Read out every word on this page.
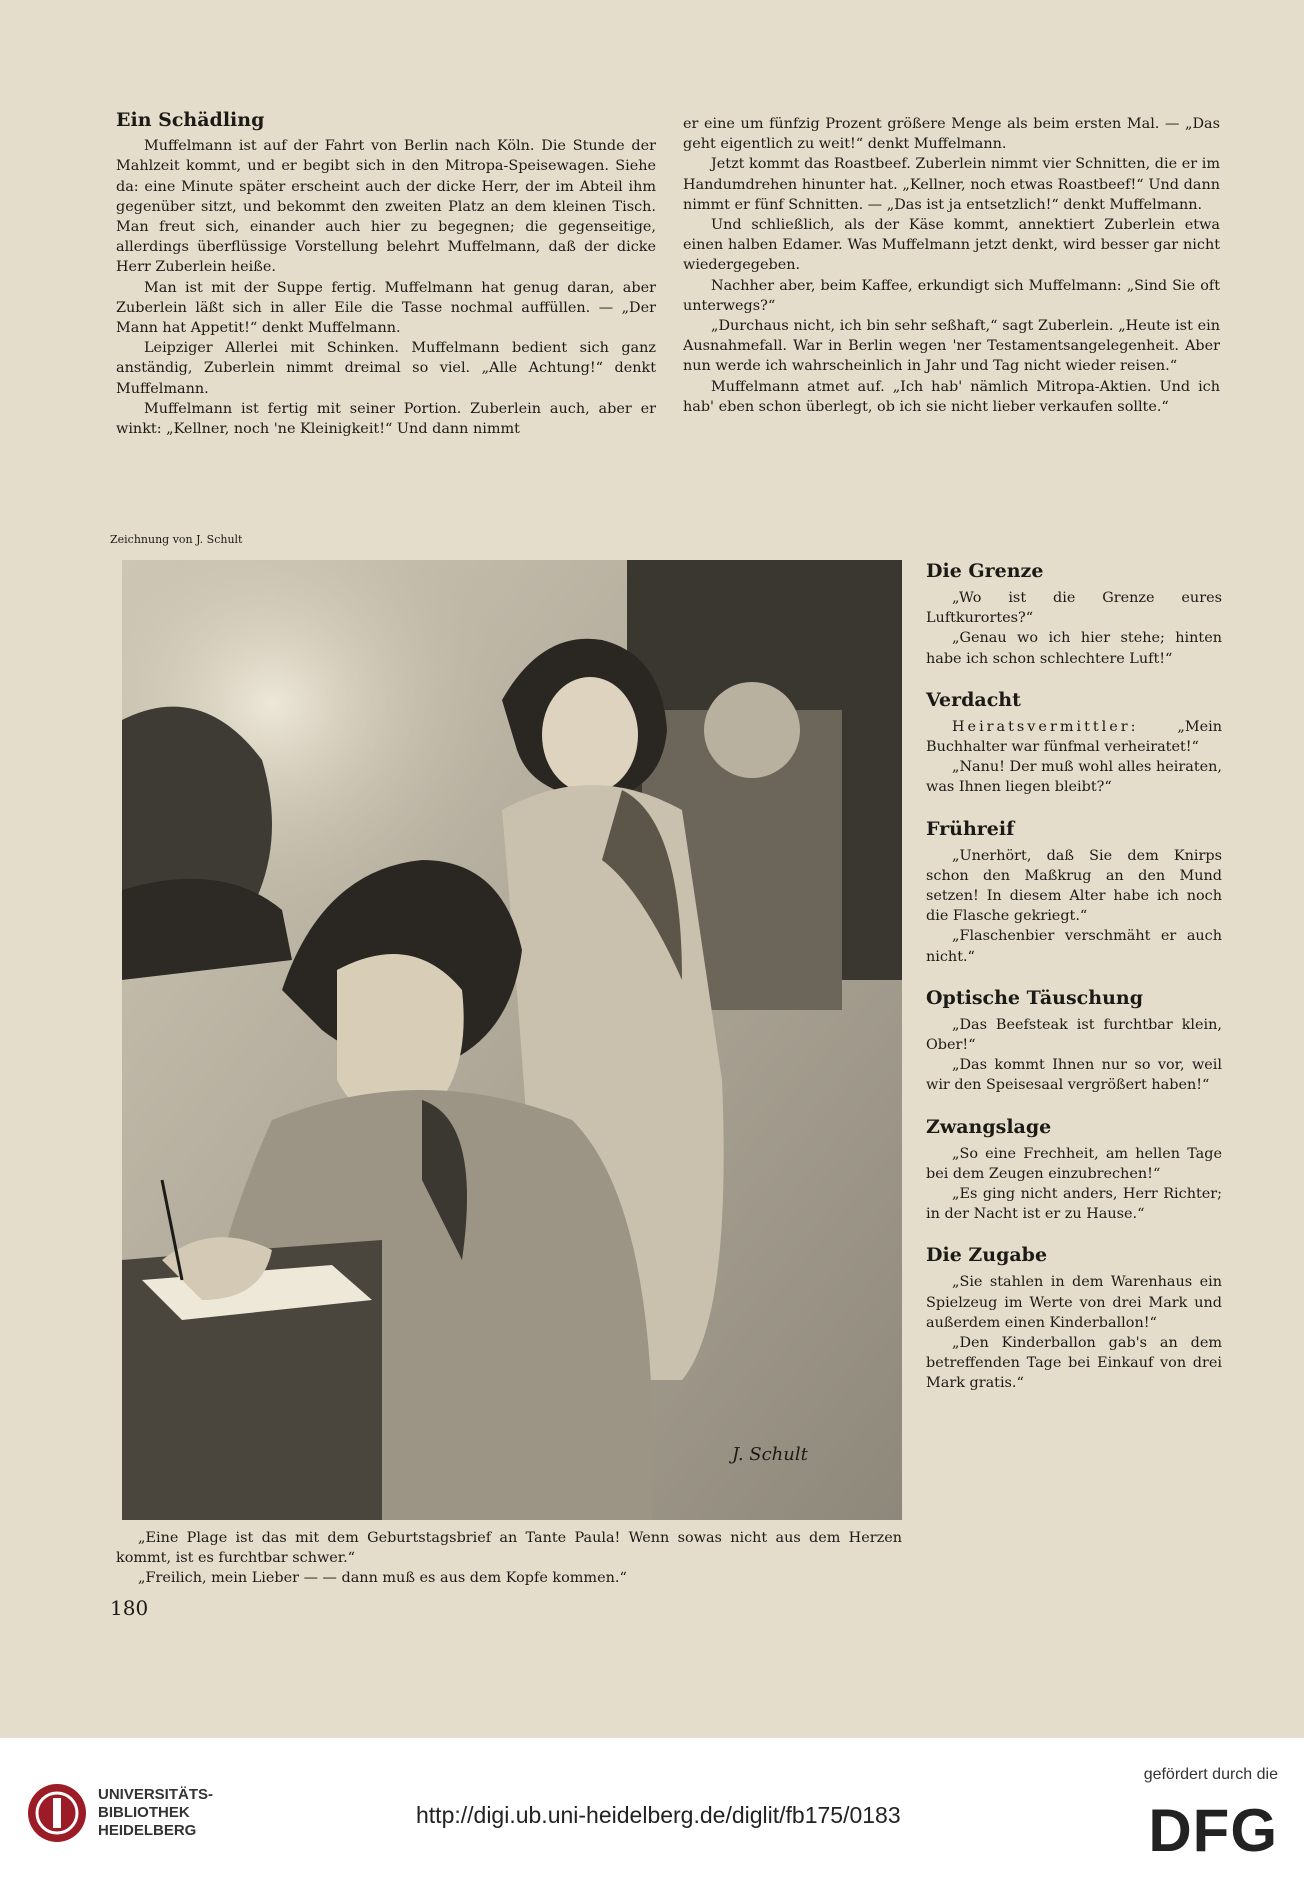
Ein Schädling

Muffelmann ist auf der Fahrt von Berlin nach Köln. Die Stunde der Mahlzeit kommt, und er begibt sich in den Mitropa-Speisewagen. Siehe da: eine Minute später erscheint auch der dicke Herr, der im Abteil ihm gegenüber sitzt, und bekommt den zweiten Platz an dem kleinen Tisch. Man freut sich, einander auch hier zu begegnen; die gegenseitige, allerdings überflüssige Vorstellung belehrt Muffelmann, daß der dicke Herr Zuberlein heiße.

Man ist mit der Suppe fertig. Muffelmann hat genug daran, aber Zuberlein läßt sich in aller Eile die Tasse nochmal auffüllen. — „Der Mann hat Appetit!“ denkt Muffelmann.

Leipziger Allerlei mit Schinken. Muffelmann bedient sich ganz anständig, Zuberlein nimmt dreimal so viel. „Alle Achtung!“ denkt Muffelmann.

Muffelmann ist fertig mit seiner Portion. Zuberlein auch, aber er winkt: „Kellner, noch 'ne Kleinigkeit!“ Und dann nimmt

er eine um fünfzig Prozent größere Menge als beim ersten Mal. — „Das geht eigentlich zu weit!“ denkt Muffelmann.

Jetzt kommt das Roastbeef. Zuberlein nimmt vier Schnitten, die er im Handumdrehen hinunter hat. „Kellner, noch etwas Roastbeef!“ Und dann nimmt er fünf Schnitten. — „Das ist ja entsetzlich!“ denkt Muffelmann.

Und schließlich, als der Käse kommt, annektiert Zuberlein etwa einen halben Edamer. Was Muffelmann jetzt denkt, wird besser gar nicht wiedergegeben.

Nachher aber, beim Kaffee, erkundigt sich Muffelmann: „Sind Sie oft unterwegs?“

„Durchaus nicht, ich bin sehr seßhaft,“ sagt Zuberlein. „Heute ist ein Ausnahmefall. War in Berlin wegen 'ner Testamentsangelegenheit. Aber nun werde ich wahrscheinlich in Jahr und Tag nicht wieder reisen.“

Muffelmann atmet auf. „Ich hab' nämlich Mitropa-Aktien. Und ich hab' eben schon überlegt, ob ich sie nicht lieber verkaufen sollte.“

Zeichnung von J. Schult
J. Schult

„Eine Plage ist das mit dem Geburtstagsbrief an Tante Paula! Wenn sowas nicht aus dem Herzen kommt, ist es furchtbar schwer.“

„Freilich, mein Lieber — — dann muß es aus dem Kopfe kommen.“

180
Die Grenze

„Wo ist die Grenze eures Luftkurortes?“

„Genau wo ich hier stehe; hinten habe ich schon schlechtere Luft!“

Verdacht

Heiratsvermittler:	„Mein Buchhalter war fünfmal verheiratet!“

„Nanu! Der muß wohl alles heiraten, was Ihnen liegen bleibt?“

Frühreif

„Unerhört, daß Sie dem Knirps schon den Maßkrug an den Mund setzen! In diesem Alter habe ich noch die Flasche gekriegt.“

„Flaschenbier verschmäht er auch nicht.“

Optische Täuschung

„Das Beefsteak ist furchtbar klein, Ober!“

„Das kommt Ihnen nur so vor, weil wir den Speisesaal vergrößert haben!“

Zwangslage

„So eine Frechheit, am hellen Tage bei dem Zeugen einzubrechen!“

„Es ging nicht anders, Herr Richter; in der Nacht ist er zu Hause.“

Die Zugabe

„Sie stahlen in dem Warenhaus ein Spielzeug im Werte von drei Mark und außerdem einen Kinderballon!“

„Den Kinderballon gab's an dem betreffenden Tage bei Einkauf von drei Mark gratis.“

UNIVERSITÄTS-
BIBLIOTHEK
HEIDELBERG
http://digi.ub.uni-heidelberg.de/diglit/fb175/0183
gefördert durch die
DFG
